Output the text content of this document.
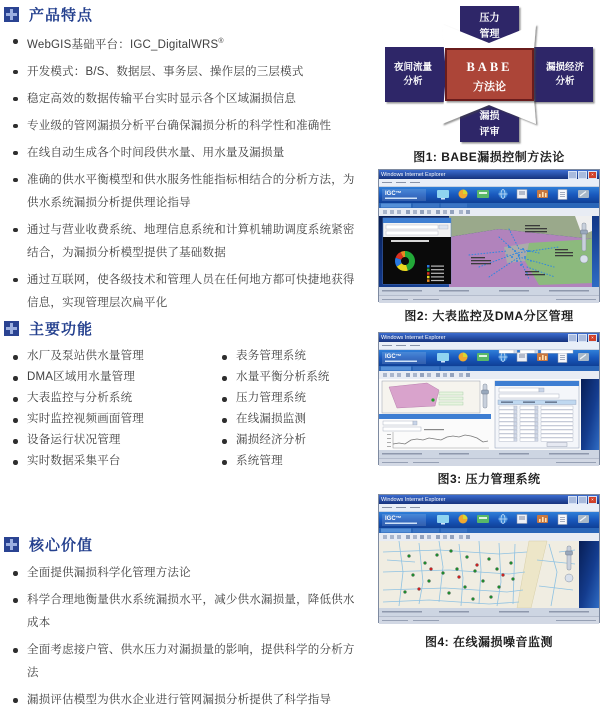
产品特点
WebGIS基础平台：IGC_DigitalWRS®
开发模式：B/S、数据层、事务层、操作层的三层模式
稳定高效的数据传输平台实时显示各个区域漏损信息
专业级的管网漏损分析平台确保漏损分析的科学性和准确性
在线自动生成各个时间段供水量、用水量及漏损量
准确的供水平衡模型和供水服务性能指标相结合的分析方法，为供水系统漏损分析提供理论指导
通过与营业收费系统、地理信息系统和计算机辅助调度系统紧密结合，为漏损分析模型提供了基础数据
通过互联网，使各级技术和管理人员在任何地方都可快捷地获得信息，实现管理层次扁平化
主要功能
水厂及泵站供水量管理
DMA区域用水量管理
大表监控与分析系统
实时监控视频画面管理
设备运行状况管理
实时数据采集平台
表务管理系统
水量平衡分析系统
压力管理系统
在线漏损监测
漏损经济分析
系统管理
核心价值
全面提供漏损科学化管理方法论
科学合理地衡量供水系统漏损水平，减少供水漏损量，降低供水成本
全面考虑接户管、供水压力对漏损量的影响，提供科学的分析方法
漏损评估模型为供水企业进行管网漏损分析提供了科学指导
BABE
方法论
压力
管理
夜间流量
分析
漏损经济
分析
漏损
评审
图1: BABE漏损控制方法论
Windows Internet Explorer	×
图2: 大表监控及DMA分区管理
Windows Internet Explorer	×
图3: 压力管理系统
Windows Internet Explorer	×
图4: 在线漏损噪音监测
